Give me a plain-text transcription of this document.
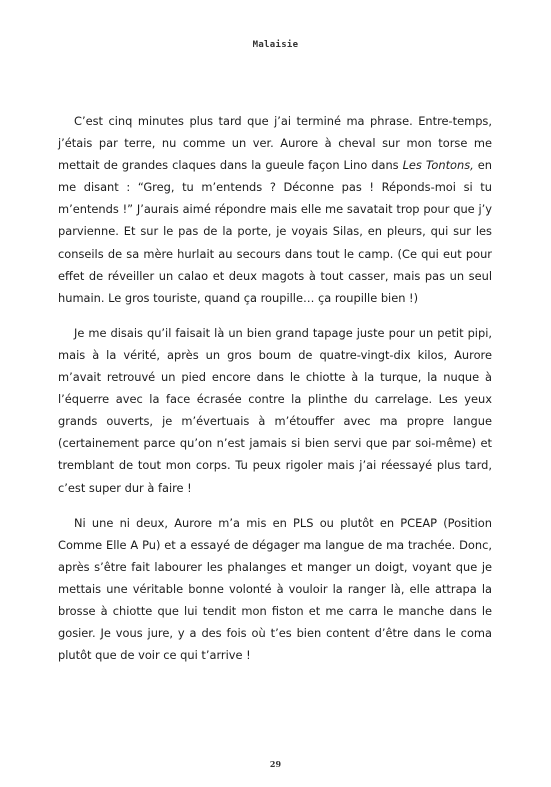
Malaisie

C’est cinq minutes plus tard que j’ai terminé ma phrase. Entre-temps, j’étais par terre, nu comme un ver. Aurore à cheval sur mon torse me mettait de grandes claques dans la gueule façon Lino dans Les Tontons, en me disant : “Greg, tu m’entends ? Déconne pas ! Réponds-moi si tu m’entends !” J’aurais aimé répondre mais elle me savatait trop pour que j’y parvienne. Et sur le pas de la porte, je voyais Silas, en pleurs, qui sur les conseils de sa mère hurlait au secours dans tout le camp. (Ce qui eut pour effet de réveiller un calao et deux magots à tout casser, mais pas un seul humain. Le gros touriste, quand ça roupille… ça roupille bien !)

Je me disais qu’il faisait là un bien grand tapage juste pour un petit pipi, mais à la vérité, après un gros boum de quatre-vingt-dix kilos, Aurore m’avait retrouvé un pied encore dans le chiotte à la turque, la nuque à l’équerre avec la face écrasée contre la plinthe du carrelage. Les yeux grands ouverts, je m’évertuais à m’étouffer avec ma propre langue (certainement parce qu’on n’est jamais si bien servi que par soi-même) et tremblant de tout mon corps. Tu peux rigoler mais j’ai réessayé plus tard, c’est super dur à faire !

Ni une ni deux, Aurore m’a mis en PLS ou plutôt en PCEAP (Position Comme Elle A Pu) et a essayé de dégager ma langue de ma trachée. Donc, après s’être fait labourer les phalanges et manger un doigt, voyant que je mettais une véritable bonne volonté à vouloir la ranger là, elle attrapa la brosse à chiotte que lui tendit mon fiston et me carra le manche dans le gosier. Je vous jure, y a des fois où t’es bien content d’être dans le coma plutôt que de voir ce qui t’arrive !

29
